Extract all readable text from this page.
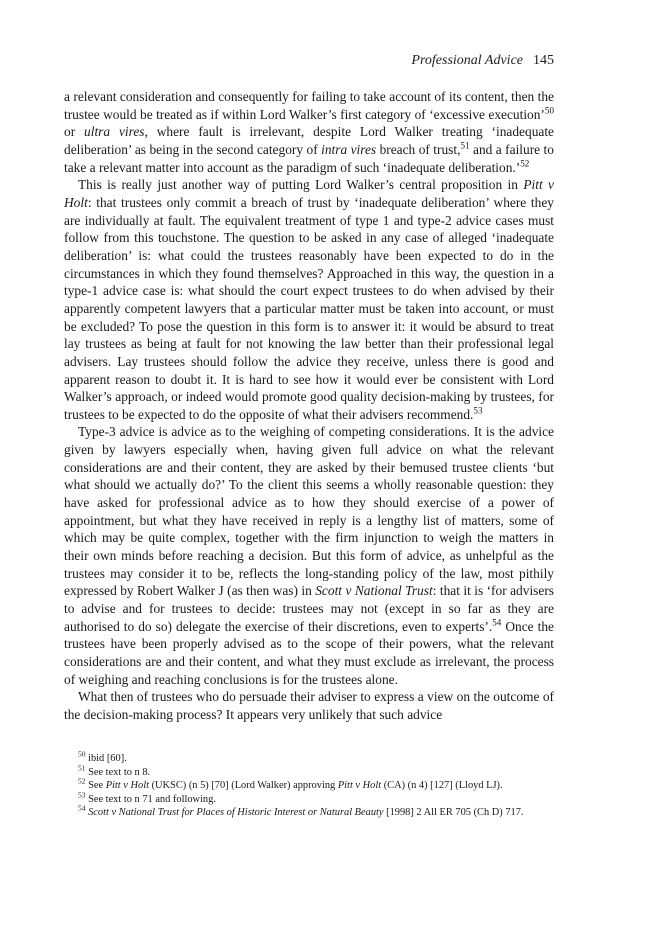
Professional Advice 145

a relevant consideration and consequently for failing to take account of its content, then the trustee would be treated as if within Lord Walker’s first category of ‘excessive execution’$^{50}$ or ultra vires, where fault is irrelevant, despite Lord Walker treating ‘inadequate deliberation’ as being in the second category of intra vires breach of trust,$^{51}$ and a failure to take a relevant matter into account as the paradigm of such ‘inadequate deliberation.’$^{52}$

This is really just another way of putting Lord Walker’s central proposition in Pitt v Holt: that trustees only commit a breach of trust by ‘inadequate deliberation’ where they are individually at fault. The equivalent treatment of type 1 and type-2 advice cases must follow from this touchstone. The question to be asked in any case of alleged ‘inadequate deliberation’ is: what could the trustees reasonably have been expected to do in the circumstances in which they found themselves? Approached in this way, the question in a type-1 advice case is: what should the court expect trustees to do when advised by their apparently competent lawyers that a particular matter must be taken into account, or must be excluded? To pose the question in this form is to answer it: it would be absurd to treat lay trustees as being at fault for not knowing the law better than their professional legal advisers. Lay trustees should follow the advice they receive, unless there is good and apparent reason to doubt it. It is hard to see how it would ever be consistent with Lord Walker’s approach, or indeed would promote good quality decision-making by trustees, for trustees to be expected to do the opposite of what their advisers recommend.$^{53}$

Type-3 advice is advice as to the weighing of competing considerations. It is the advice given by lawyers especially when, having given full advice on what the relevant considerations are and their content, they are asked by their bemused trustee clients ‘but what should we actually do?’ To the client this seems a wholly reasonable question: they have asked for professional advice as to how they should exercise of a power of appointment, but what they have received in reply is a lengthy list of matters, some of which may be quite complex, together with the firm injunction to weigh the matters in their own minds before reaching a decision. But this form of advice, as unhelpful as the trustees may consider it to be, reflects the long-standing policy of the law, most pithily expressed by Robert Walker J (as then was) in Scott v National Trust: that it is ‘for advisers to advise and for trustees to decide: trustees may not (except in so far as they are authorised to do so) delegate the exercise of their discretions, even to experts’.$^{54}$ Once the trustees have been properly advised as to the scope of their powers, what the relevant considerations are and their content, and what they must exclude as irrelevant, the process of weighing and reaching conclusions is for the trustees alone.

What then of trustees who do persuade their adviser to express a view on the outcome of the decision-making process? It appears very unlikely that such advice

$^{50}$ ibid [60].

$^{51}$ See text to n 8.

$^{52}$ See Pitt v Holt (UKSC) (n 5) [70] (Lord Walker) approving Pitt v Holt (CA) (n 4) [127] (Lloyd LJ).

$^{53}$ See text to n 71 and following.

$^{54}$ Scott v National Trust for Places of Historic Interest or Natural Beauty [1998] 2 All ER 705 (Ch D) 717.
